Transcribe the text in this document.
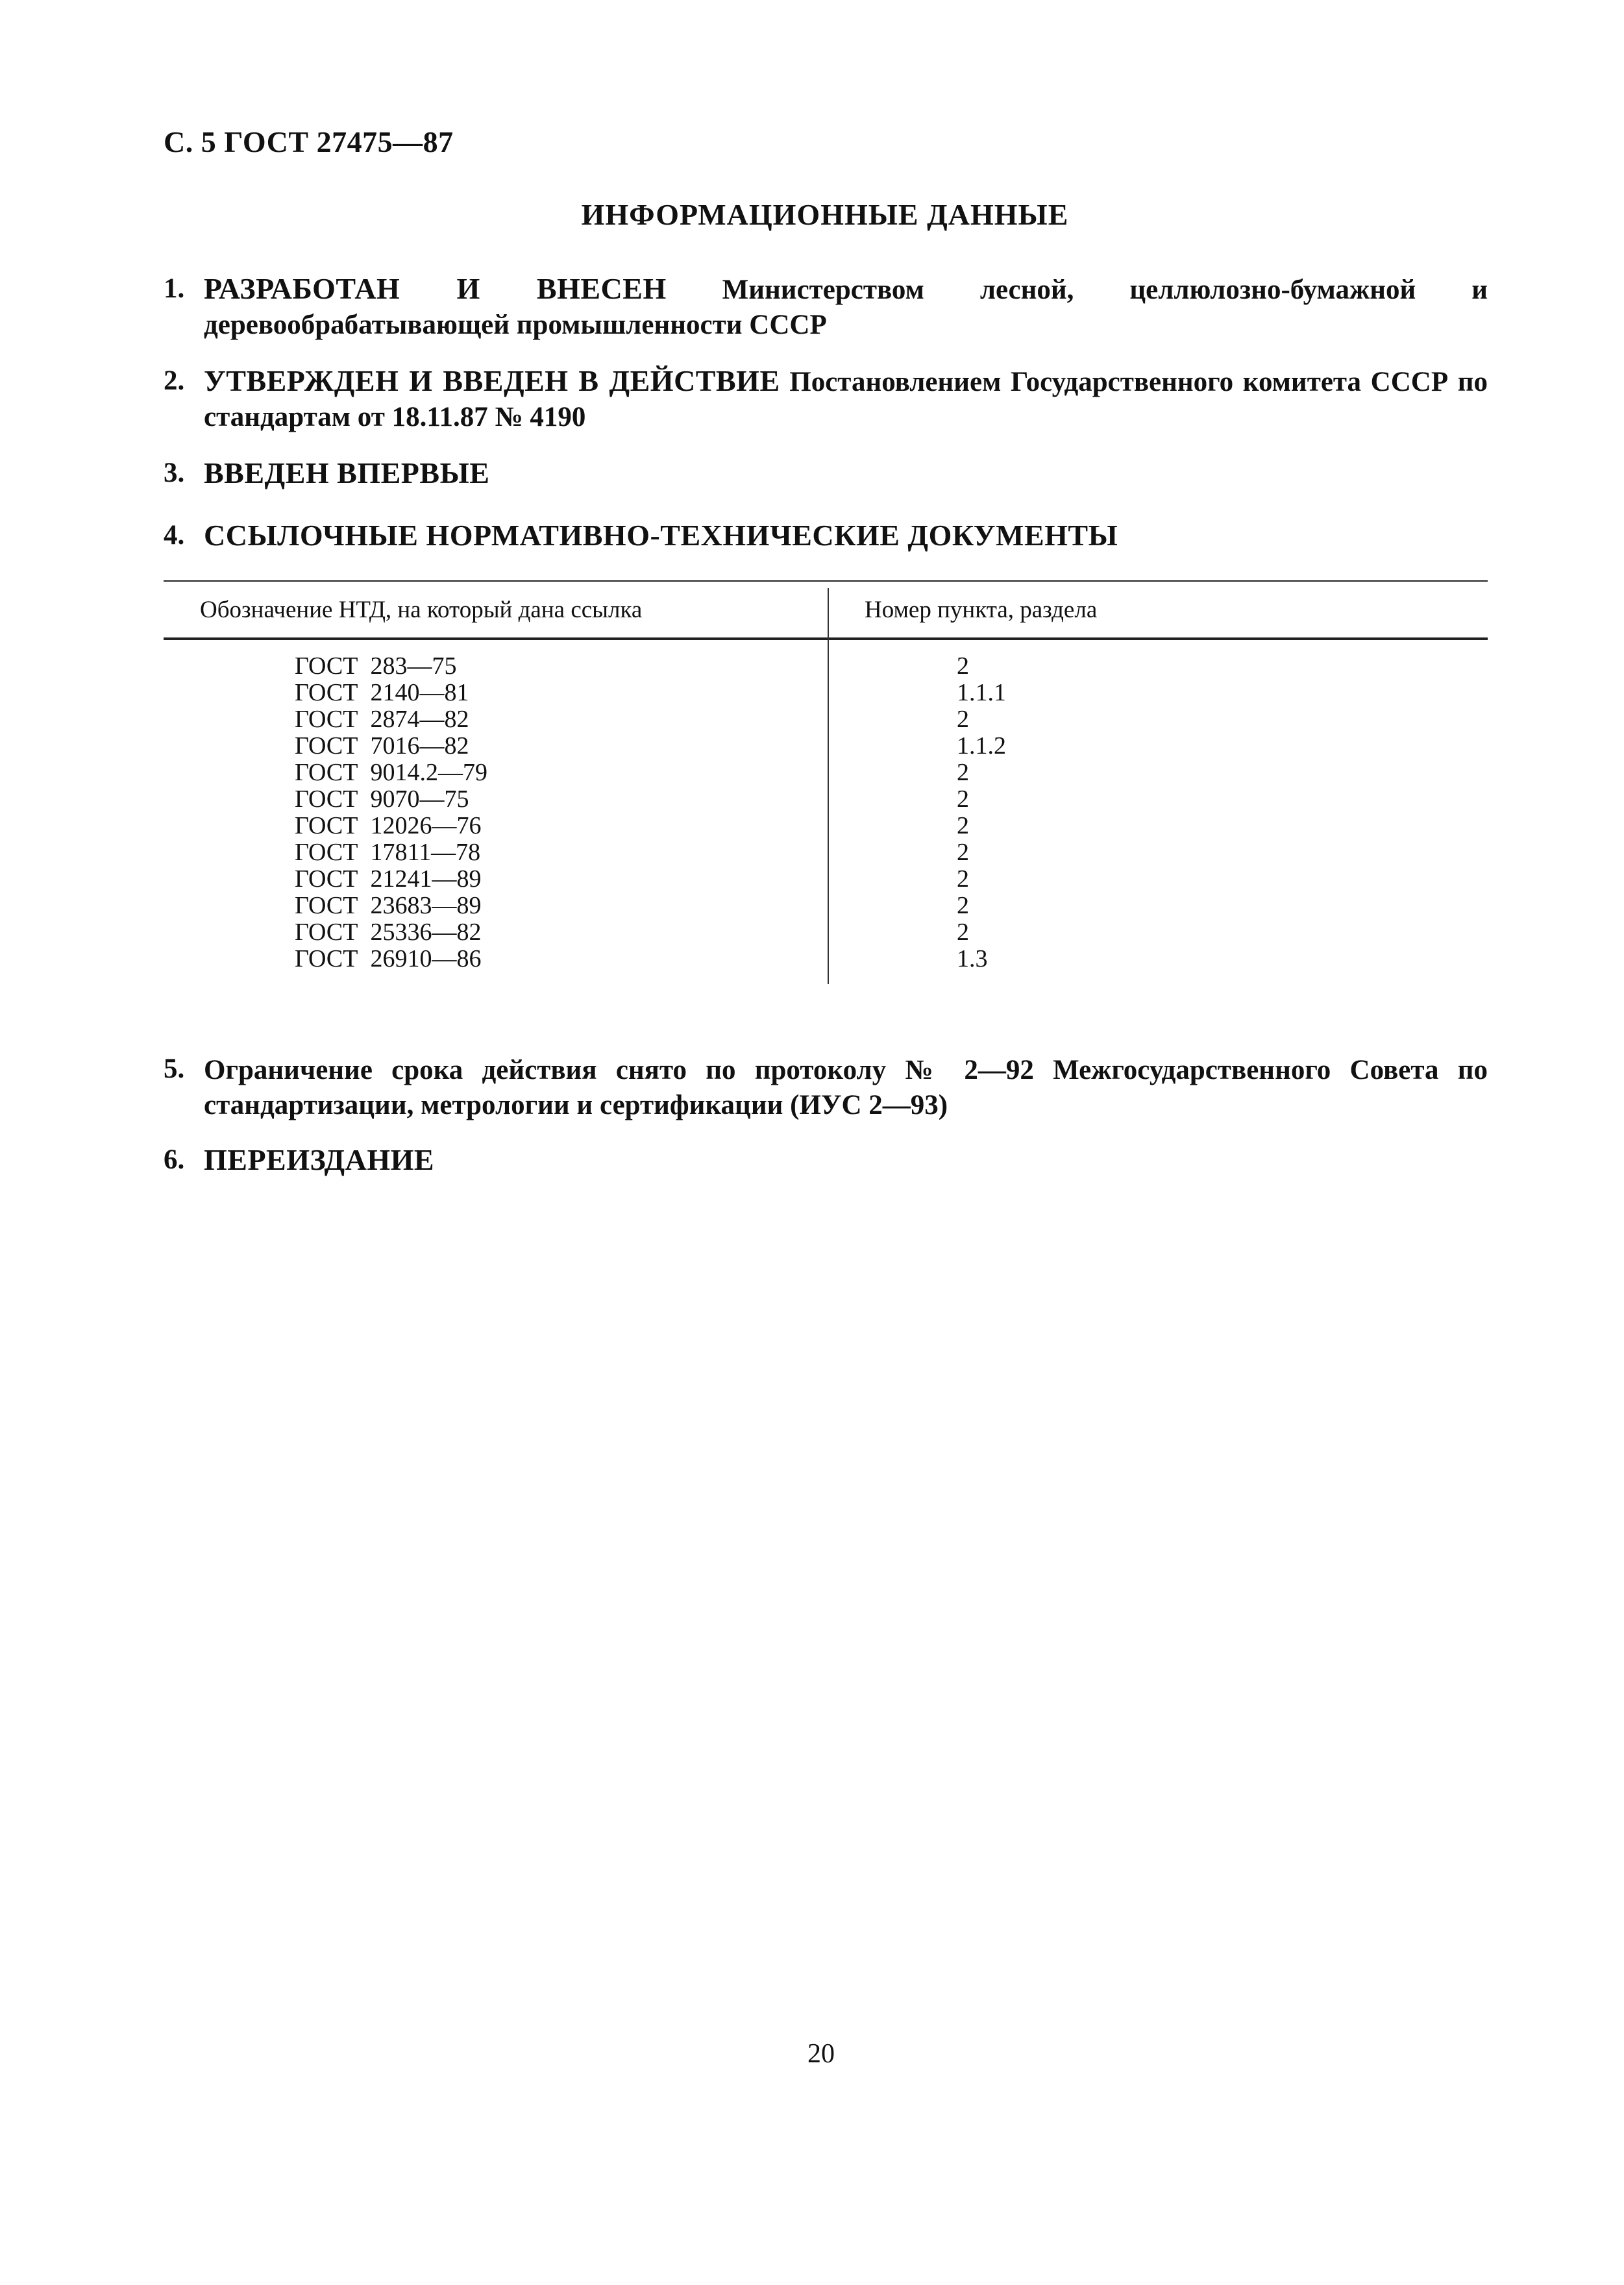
С. 5 ГОСТ 27475—87
ИНФОРМАЦИОННЫЕ ДАННЫЕ
1. РАЗРАБОТАН И ВНЕСЕН Министерством лесной, целлюлозно-бумажной и деревообрабатывающей промышленности СССР
2. УТВЕРЖДЕН И ВВЕДЕН В ДЕЙСТВИЕ Постановлением Государственного комитета СССР по стандартам от 18.11.87 № 4190
3. ВВЕДЕН ВПЕРВЫЕ
4. ССЫЛОЧНЫЕ НОРМАТИВНО-ТЕХНИЧЕСКИЕ ДОКУМЕНТЫ
Обозначение НТД, на который дана ссылка	Номер пункта, раздела
ГОСТ  283—75
ГОСТ  2140—81
ГОСТ  2874—82
ГОСТ  7016—82
ГОСТ  9014.2—79
ГОСТ  9070—75
ГОСТ  12026—76
ГОСТ  17811—78
ГОСТ  21241—89
ГОСТ  23683—89
ГОСТ  25336—82
ГОСТ  26910—86
2
1.1.1
2
1.1.2
2
2
2
2
2
2
2
1.3
5. Ограничение срока действия снято по протоколу № 2—92 Межгосударственного Совета по стандартизации, метрологии и сертификации (ИУС 2—93)
6. ПЕРЕИЗДАНИЕ
20
